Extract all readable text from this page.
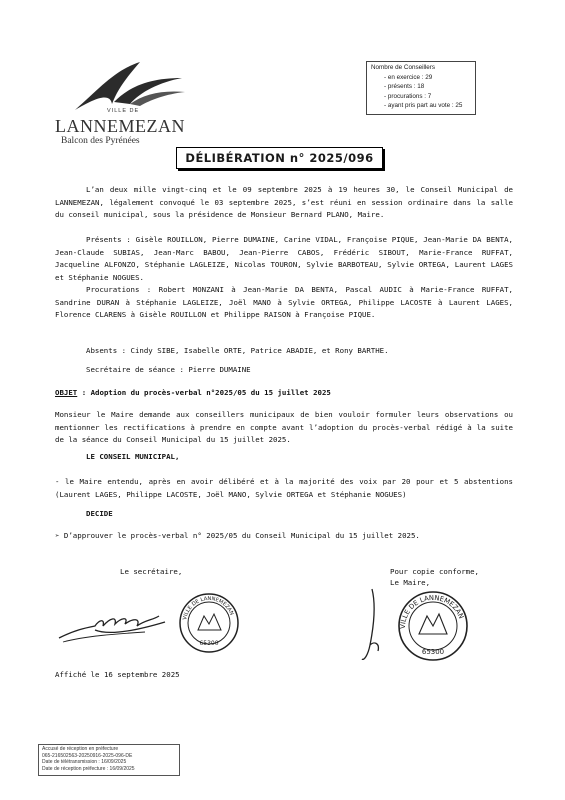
VILLE DE
LANNEMEZAN
Balcon des Pyrénées
Nombre de Conseillers
- en exercice : 29
- présents : 18
- procurations : 7
- ayant pris part au vote : 25
DÉLIBÉRATION n° 2025/096
L’an deux mille vingt-cinq et le 09 septembre 2025 à 19 heures 30, le Conseil Municipal de LANNEMEZAN, légalement convoqué le 03 septembre 2025, s’est réuni en session ordinaire dans la salle du conseil municipal, sous la présidence de Monsieur Bernard PLANO, Maire.
Présents : Gisèle ROUILLON, Pierre DUMAINE, Carine VIDAL, Françoise PIQUE, Jean-Marie DA BENTA, Jean-Claude SUBIAS, Jean-Marc BABOU, Jean-Pierre CABOS, Frédéric SIBOUT, Marie-France RUFFAT, Jacqueline ALFONZO, Stéphanie LAGLEIZE, Nicolas TOURON, Sylvie BARBOTEAU, Sylvie ORTEGA, Laurent LAGES et Stéphanie NOGUES.
Procurations : Robert MONZANI à Jean-Marie DA BENTA, Pascal AUDIC à Marie-France RUFFAT, Sandrine DURAN à Stéphanie LAGLEIZE, Joël MANO à Sylvie ORTEGA, Philippe LACOSTE à Laurent LAGES, Florence CLARENS à Gisèle ROUILLON et Philippe RAISON à Françoise PIQUE.
Absents : Cindy SIBE, Isabelle ORTE, Patrice ABADIE, et Rony BARTHE.
Secrétaire de séance : Pierre DUMAINE
OBJET : Adoption du procès-verbal n°2025/05 du 15 juillet 2025
Monsieur le Maire demande aux conseillers municipaux de bien vouloir formuler leurs observations ou mentionner les rectifications à prendre en compte avant l’adoption du procès-verbal rédigé à la suite de la séance du Conseil Municipal du 15 juillet 2025.
LE CONSEIL MUNICIPAL,
- le Maire entendu, après en avoir délibéré et à la majorité des voix par 20 pour et 5 abstentions (Laurent LAGES, Philippe LACOSTE, Joël MANO, Sylvie ORTEGA et Stéphanie NOGUES)
DECIDE
➢ D’approuver le procès-verbal n° 2025/05 du Conseil Municipal du 15 juillet 2025.
Le secrétaire,	Pour copie conforme,
Le Maire,
VILLE DE LANNEMEZAN
65300
VILLE DE LANNEMEZAN
65300
Affiché le 16 septembre 2025
Accusé de réception en préfecture
065-216502563-20250916-2025-096-DE
Date de télétransmission : 16/09/2025
Date de réception préfecture : 16/09/2025
